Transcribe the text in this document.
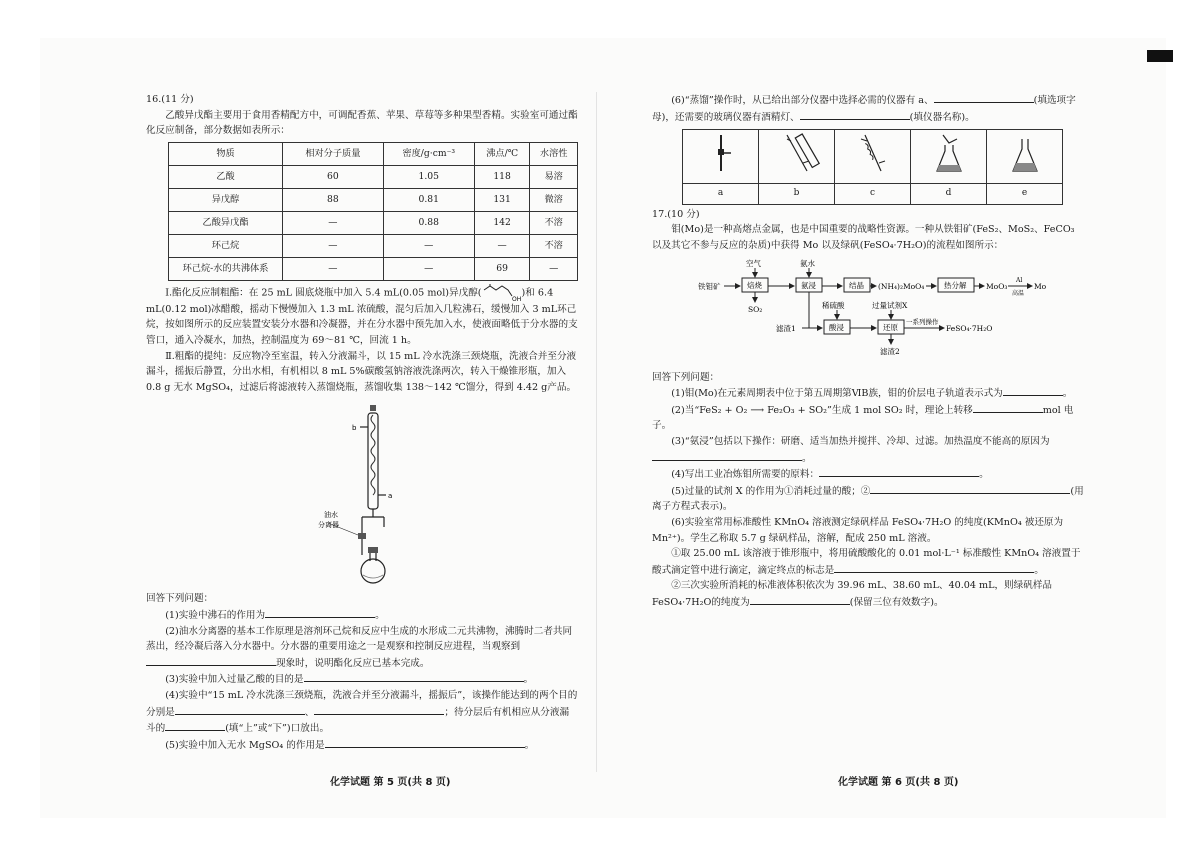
16.(11 分)

乙酸异戊酯主要用于食用香精配方中，可调配香蕉、苹果、草莓等多种果型香精。实验室可通过酯化反应制备，部分数据如表所示：

物质	相对分子质量	密度/g·cm⁻³	沸点/℃	水溶性
乙酸	60	1.05	118	易溶
异戊醇	88	0.81	131	微溶
乙酸异戊酯	—	0.88	142	不溶
环己烷	—	—	—	不溶
环己烷-水的共沸体系	—	—	69	—

Ⅰ.酯化反应制粗酯：在 25 mL 圆底烧瓶中加入 5.4 mL(0.05 mol)异戊醇(
OH
)和 6.4 mL(0.12 mol)冰醋酸，摇动下慢慢加入 1.3 mL 浓硫酸，混匀后加入几粒沸石，缓慢加入 3 mL环己烷，按如图所示的反应装置安装分水器和冷凝器，并在分水器中预先加入水，使液面略低于分水器的支管口，通入冷凝水，加热，控制温度为 69～81 ℃，回流 1 h。

Ⅱ.粗酯的提纯：反应物冷至室温，转入分液漏斗，以 15 mL 冷水洗涤三颈烧瓶，洗液合并至分液漏斗，摇振后静置，分出水相，有机相以 8 mL 5%碳酸氢钠溶液洗涤两次，转入干燥锥形瓶，加入 0.8 g 无水 MgSO₄，过滤后将滤液转入蒸馏烧瓶，蒸馏收集 138～142 ℃馏分，得到 4.42 g产品。

b
a
油水
分离器

回答下列问题：

(1)实验中沸石的作用为	。

(2)油水分离器的基本工作原理是溶剂环己烷和反应中生成的水形成二元共沸物，沸腾时二者共同蒸出，经冷凝后落入分水器中。分水器的重要用途之一是观察和控制反应进程，当观察到现象时，说明酯化反应已基本完成。

(3)实验中加入过量乙酸的目的是	。

(4)实验中“15 mL 冷水洗涤三颈烧瓶，洗液合并至分液漏斗，摇振后”，该操作能达到的两个目的分别是	、	；待分层后有机相应从分液漏斗的	(填“上”或“下”)口放出。

(5)实验中加入无水 MgSO₄ 的作用是	。

(6)“蒸馏”操作时，从已给出部分仪器中选择必需的仪器有 a、	(填选项字母)，还需要的玻璃仪器有酒精灯、	(填仪器名称)。

a	b	c	d	e

17.(10 分)

钼(Mo)是一种高熔点金属，也是中国重要的战略性资源。一种从铁钼矿(FeS₂、MoS₂、FeCO₃以及其它不参与反应的杂质)中获得 Mo 以及绿矾(FeSO₄·7H₂O)的流程如图所示：

铁钼矿	焙烧
空气
SO₂
氨浸
氨水
结晶 (NH₄)₂MoO₄	热分解	MoO₃
Al
高温
Mo
滤渣1	酸浸
稀硫酸
还原
过量试剂X
滤渣2
一系列操作
FeSO₄·7H₂O

回答下列问题：

(1)钼(Mo)在元素周期表中位于第五周期第ⅥB族，钼的价层电子轨道表示式为	。

(2)当“FeS₂ + O₂ ⟶ Fe₂O₃ + SO₂”生成 1 mol SO₂ 时，理论上转移	mol 电子。

(3)“氨浸”包括以下操作：研磨、适当加热并搅拌、冷却、过滤。加热温度不能高的原因为。

(4)写出工业冶炼钼所需要的原料：	。

(5)过量的试剂 X 的作用为①消耗过量的酸；②	(用离子方程式表示)。

(6)实验室常用标准酸性 KMnO₄ 溶液测定绿矾样品 FeSO₄·7H₂O 的纯度(KMnO₄ 被还原为 Mn²⁺)。学生乙称取 5.7 g 绿矾样品，溶解，配成 250 mL 溶液。

①取 25.00 mL 该溶液于锥形瓶中，将用硫酸酸化的 0.01 mol·L⁻¹ 标准酸性 KMnO₄ 溶液置于酸式滴定管中进行滴定，滴定终点的标志是	。

②三次实验所消耗的标准液体积依次为 39.96 mL、38.60 mL、40.04 mL，则绿矾样品 FeSO₄·7H₂O的纯度为	(保留三位有效数字)。

化学试题 第 5 页(共 8 页)	化学试题 第 6 页(共 8 页)
